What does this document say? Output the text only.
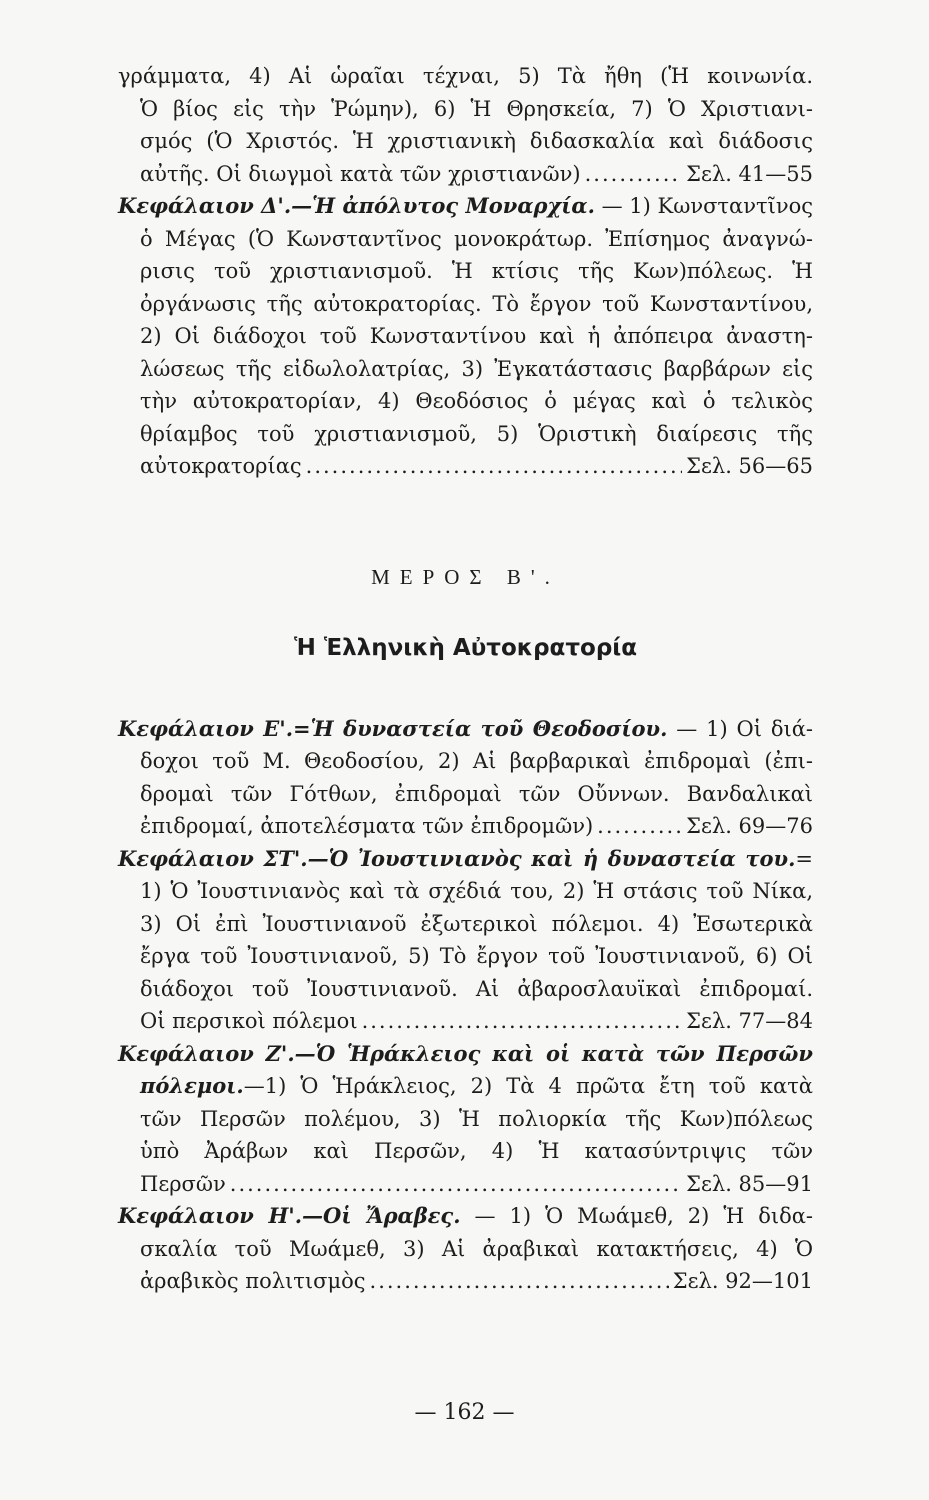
γράμματα, 4) Αἱ ὡραῖαι τέχναι, 5) Τὰ ἤθη (Ἡ κοινωνία.
Ὁ βίος εἰς τὴν Ῥώμην), 6) Ἡ Θρησκεία, 7) Ὁ Χριστιανι-
σμός (Ὁ Χριστός. Ἡ χριστιανικὴ διδασκαλία καὶ διάδοσις
αὐτῆς. Οἱ διωγμοὶ κατὰ τῶν χριστιανῶν) .....	Σελ. 41—55
Κεφάλαιον Δ'.—Ἡ ἀπόλυτος Μοναρχία. — 1) Κωνσταντῖνος
ὁ Μέγας (Ὁ Κωνσταντῖνος μονοκράτωρ. Ἐπίσημος ἀναγνώ-
ρισις τοῦ χριστιανισμοῦ. Ἡ κτίσις τῆς Κων)πόλεως. Ἡ
ὀργάνωσις τῆς αὐτοκρατορίας. Τὸ ἔργον τοῦ Κωνσταντίνου,
2) Οἱ διάδοχοι τοῦ Κωνσταντίνου καὶ ἡ ἀπόπειρα ἀναστη-
λώσεως τῆς εἰδωλολατρίας, 3) Ἐγκατάστασις βαρβάρων εἰς
τὴν αὐτοκρατορίαν, 4) Θεοδόσιος ὁ μέγας καὶ ὁ τελικὸς
θρίαμβος τοῦ χριστιανισμοῦ, 5) Ὁριστικὴ διαίρεσις τῆς
αὐτοκρατορίας .....	Σελ. 56—65
ΜΕΡΟΣ Β'.
Ἡ Ἑλληνικὴ Αὐτοκρατορία
Κεφάλαιον Ε'.=Ἡ δυναστεία τοῦ Θεοδοσίου. — 1) Οἱ διά-
δοχοι τοῦ Μ. Θεοδοσίου, 2) Αἱ βαρβαρικαὶ ἐπιδρομαὶ (ἐπι-
δρομαὶ τῶν Γότθων, ἐπιδρομαὶ τῶν Οὔννων. Βανδαλικαὶ
ἐπιδρομαί, ἀποτελέσματα τῶν ἐπιδρομῶν) .....	Σελ. 69—76
Κεφάλαιον ΣΤ'.—Ὁ Ἰουστινιανὸς καὶ ἡ δυναστεία του.=
1) Ὁ Ἰουστινιανὸς καὶ τὰ σχέδιά του, 2) Ἡ στάσις τοῦ Νίκα,
3) Οἱ ἐπὶ Ἰουστινιανοῦ ἐξωτερικοὶ πόλεμοι. 4) Ἐσωτερικὰ
ἔργα τοῦ Ἰουστινιανοῦ, 5) Τὸ ἔργον τοῦ Ἰουστινιανοῦ, 6) Οἱ
διάδοχοι τοῦ Ἰουστινιανοῦ. Αἱ ἀβαροσλαυϊκαὶ ἐπιδρομαί.
Οἱ περσικοὶ πόλεμοι .....	Σελ. 77—84
Κεφάλαιον Ζ'.—Ὁ Ἡράκλειος καὶ οἱ κατὰ τῶν Περσῶν
πόλεμοι.—1) Ὁ Ἡράκλειος, 2) Τὰ 4 πρῶτα ἔτη τοῦ κατὰ
τῶν Περσῶν πολέμου, 3) Ἡ πολιορκία τῆς Κων)πόλεως
ὑπὸ Ἀράβων καὶ Περσῶν, 4) Ἡ κατασύντριψις τῶν
Περσῶν .....	Σελ. 85—91
Κεφάλαιον Η'.—Οἱ Ἄραβες. — 1) Ὁ Μωάμεθ, 2) Ἡ διδα-
σκαλία τοῦ Μωάμεθ, 3) Αἱ ἀραβικαὶ κατακτήσεις, 4) Ὁ
ἀραβικὸς πολιτισμὸς .....	Σελ. 92—101
— 162 —
